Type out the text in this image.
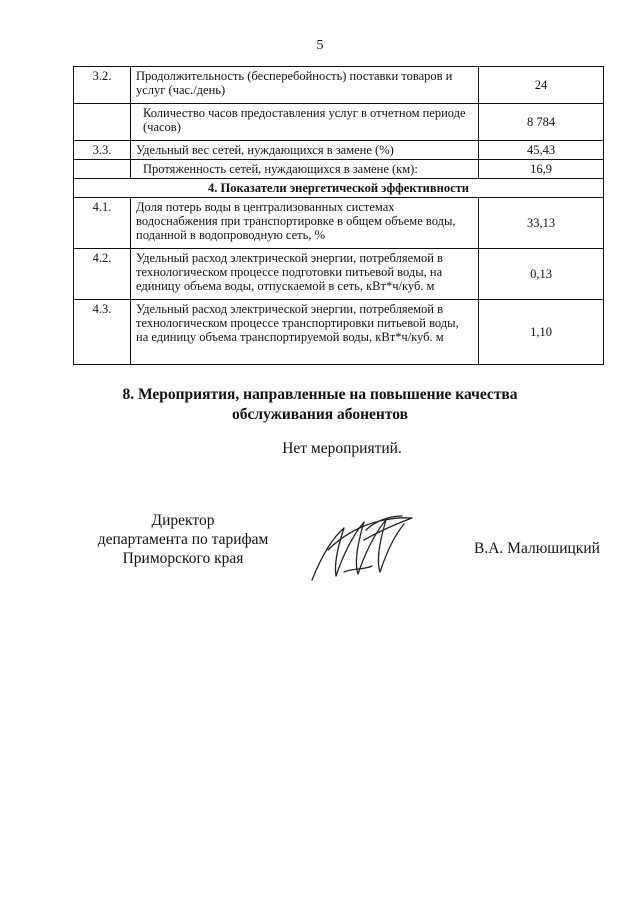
5
3.2.	Продолжительность (бесперебойность) поставки товаров и услуг (час./день)	24
	Количество часов предоставления услуг в отчетном периоде (часов)	8 784
3.3.	Удельный вес сетей, нуждающихся в замене (%)	45,43
	Протяженность сетей, нуждающихся в замене (км):	16,9
4. Показатели энергетической эффективности		
4.1.	Доля потерь воды в централизованных системах водоснабжения при транспортировке в общем объеме воды, поданной в водопроводную сеть, %	33,13
4.2.	Удельный расход электрической энергии, потребляемой в технологическом процессе подготовки питьевой воды, на единицу объема воды, отпускаемой в сеть, кВт*ч/куб. м	0,13
4.3.	Удельный расход электрической энергии, потребляемой в технологическом процессе транспортировки питьевой воды, на единицу объема транспортируемой воды, кВт*ч/куб. м	1,10
8. Мероприятия, направленные на повышение качества
обслуживания абонентов
Нет мероприятий.
Директор
департамента по тарифам
Приморского края
В.А. Малюшицкий
